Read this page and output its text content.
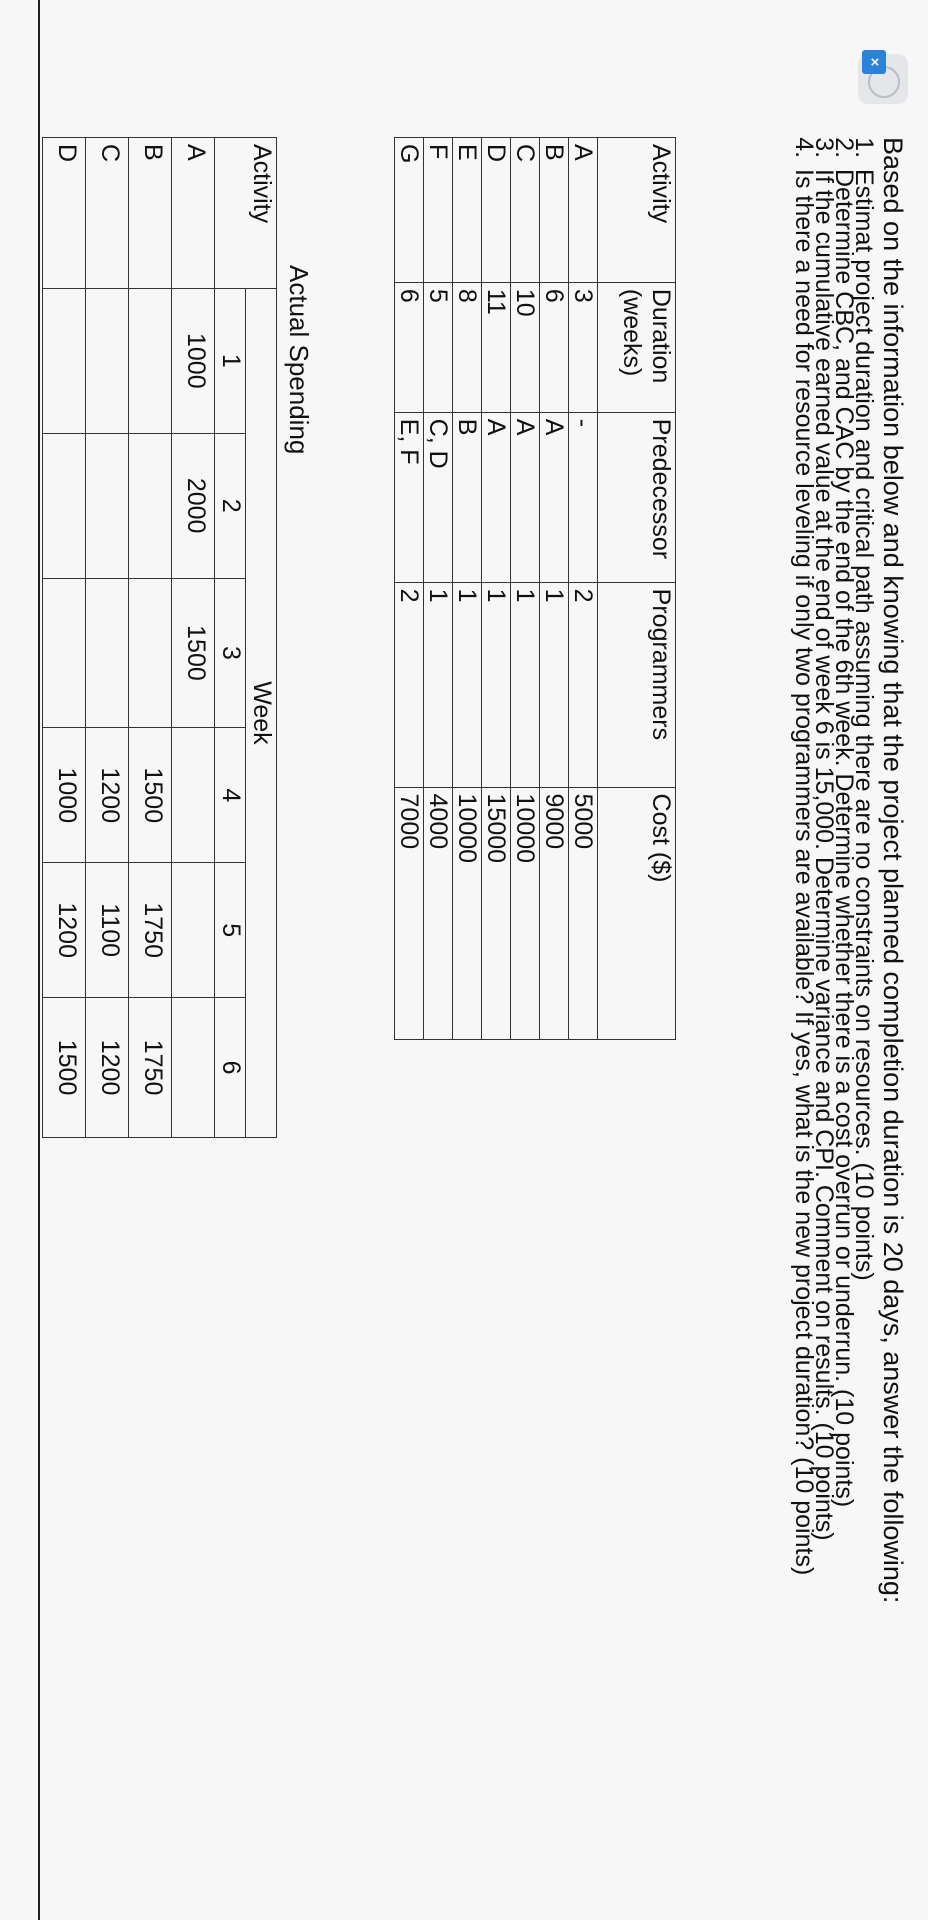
×
Based on the information below and knowing that the project planned completion duration is 20 days, answer the following:
1. Estimat project duration and critical path assuming there are no constraints on resources. (10 points)
2. Determine CBC, and CAC by the end of the 6th week. Determine whether there is a cost overrun or underrun. (10 points)
3. If the cumulative earned value at the end of week 6 is 15,000. Determine variance and CPI. Comment on results. (10 points)
4. Is there a need for resource leveling if only two programmers are available? If yes, what is the new project duration? (10 points)
Activity	Duration (weeks)	Predecessor	Programmers	Cost ($)
A	3	-	2	5000
B	6	A	1	9000
C	10	A	1	10000
D	11	A	1	15000
E	8	B	1	10000
F	5	C, D	1	4000
G	6	E, F	2	7000
Actual Spending
Activity	Week					
	1	2	3	4	5	6
A	1000	2000	1500			
B				1500	1750	1750
C				1200	1100	1200
D				1000	1200	1500
